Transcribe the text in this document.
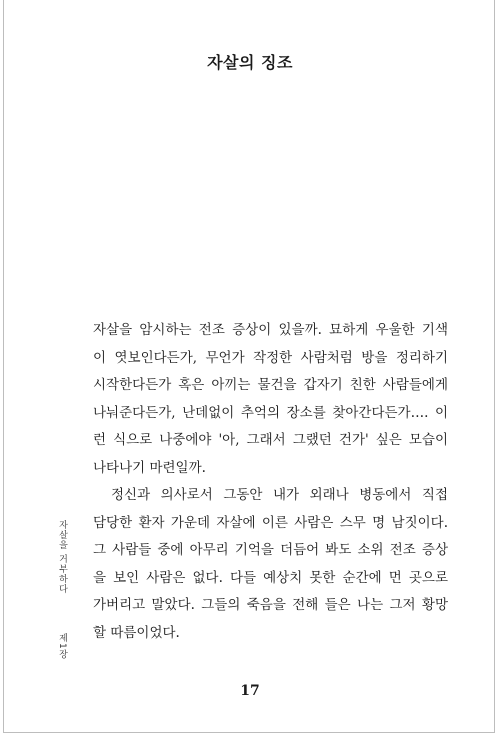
자살의 징조

자살을 암시하는 전조 증상이 있을까. 묘하게 우울한 기색
이 엿보인다든가, 무언가 작정한 사람처럼 방을 정리하기
시작한다든가 혹은 아끼는 물건을 갑자기 친한 사람들에게
나눠준다든가, 난데없이 추억의 장소를 찾아간다든가…. 이
런 식으로 나중에야 '아, 그래서 그랬던 건가' 싶은 모습이
나타나기 마련일까.

정신과 의사로서 그동안 내가 외래나 병동에서 직접
담당한 환자 가운데 자살에 이른 사람은 스무 명 남짓이다.
그 사람들 중에 아무리 기억을 더듬어 봐도 소위 전조 증상
을 보인 사람은 없다. 다들 예상치 못한 순간에 먼 곳으로
가버리고 말았다. 그들의 죽음을 전해 들은 나는 그저 황망
할 따름이었다.

자살을 거부하다
제1장
17
